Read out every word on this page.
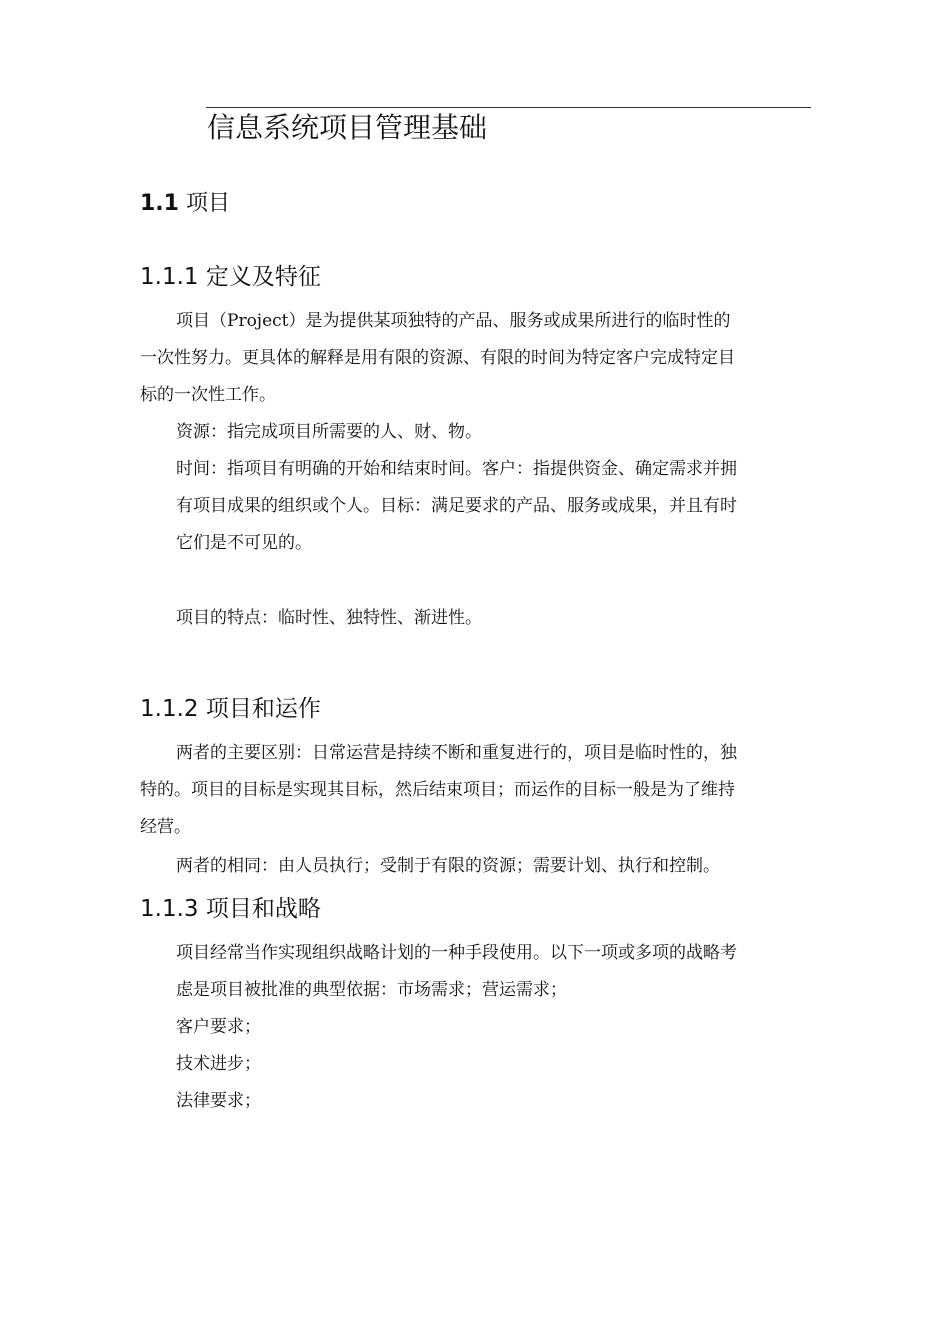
信息系统项目管理基础
1.1 项目
1.1.1 定义及特征
项目（Project）是为提供某项独特的产品、服务或成果所进行的临时性的
一次性努力。更具体的解释是用有限的资源、有限的时间为特定客户完成特定目
标的一次性工作。
资源：指完成项目所需要的人、财、物。
时间：指项目有明确的开始和结束时间。客户：指提供资金、确定需求并拥
有项目成果的组织或个人。目标：满足要求的产品、服务或成果，并且有时
它们是不可见的。
项目的特点：临时性、独特性、渐进性。
1.1.2 项目和运作
两者的主要区别：日常运营是持续不断和重复进行的，项目是临时性的，独
特的。项目的目标是实现其目标，然后结束项目；而运作的目标一般是为了维持
经营。
两者的相同：由人员执行；受制于有限的资源；需要计划、执行和控制。
1.1.3 项目和战略
项目经常当作实现组织战略计划的一种手段使用。以下一项或多项的战略考
虑是项目被批准的典型依据：市场需求；营运需求；
客户要求；
技术进步；
法律要求；
